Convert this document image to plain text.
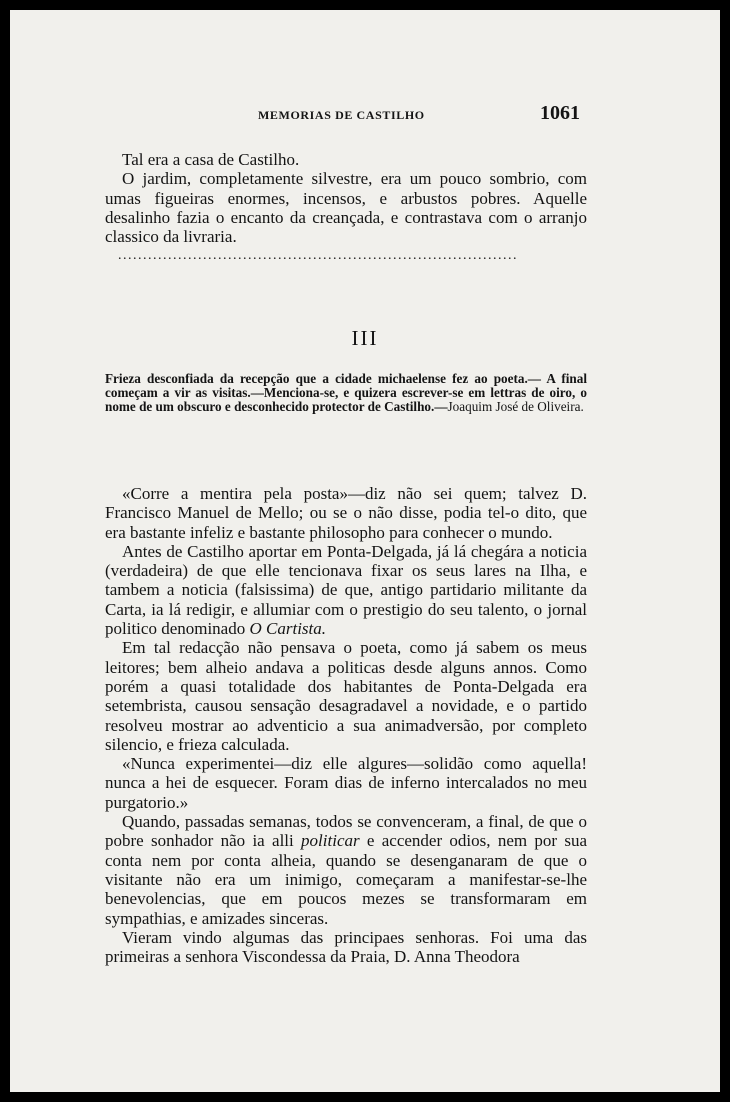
MEMORIAS DE CASTILHO	1061

Tal era a casa de Castilho.

O jardim, completamente silvestre, era um pouco sombrio, com umas figueiras enormes, incensos, e arbustos pobres. Aquelle desalinho fazia o encanto da creançada, e contrastava com o arranjo classico da livraria.

................................................................................
III
Frieza desconfiada da recepção que a cidade michaelense fez ao poeta.— A final começam a vir as visitas.—Menciona-se, e quizera escrever-se em lettras de oiro, o nome de um obscuro e desconhecido protector de Castilho.—Joaquim José de Oliveira.

«Corre a mentira pela posta»—diz não sei quem; talvez D. Francisco Manuel de Mello; ou se o não disse, podia tel-o dito, que era bastante infeliz e bastante philosopho para conhecer o mundo.

Antes de Castilho aportar em Ponta-Delgada, já lá chegára a noticia (verdadeira) de que elle tencionava fixar os seus lares na Ilha, e tambem a noticia (falsissima) de que, antigo partidario militante da Carta, ia lá redigir, e allumiar com o prestigio do seu talento, o jornal politico denominado O Cartista.

Em tal redacção não pensava o poeta, como já sabem os meus leitores; bem alheio andava a politicas desde alguns annos. Como porém a quasi totalidade dos habitantes de Ponta-Delgada era setembrista, causou sensação desagradavel a novidade, e o partido resolveu mostrar ao adventicio a sua animadversão, por completo silencio, e frieza calculada.

«Nunca experimentei—diz elle algures—solidão como aquella! nunca a hei de esquecer. Foram dias de inferno intercalados no meu purgatorio.»

Quando, passadas semanas, todos se convenceram, a final, de que o pobre sonhador não ia alli politicar e accender odios, nem por sua conta nem por conta alheia, quando se desenganaram de que o visitante não era um inimigo, começaram a manifestar-se-lhe benevolencias, que em poucos mezes se transformaram em sympathias, e amizades sinceras.

Vieram vindo algumas das principaes senhoras. Foi uma das primeiras a senhora Viscondessa da Praia, D. Anna Theodora
